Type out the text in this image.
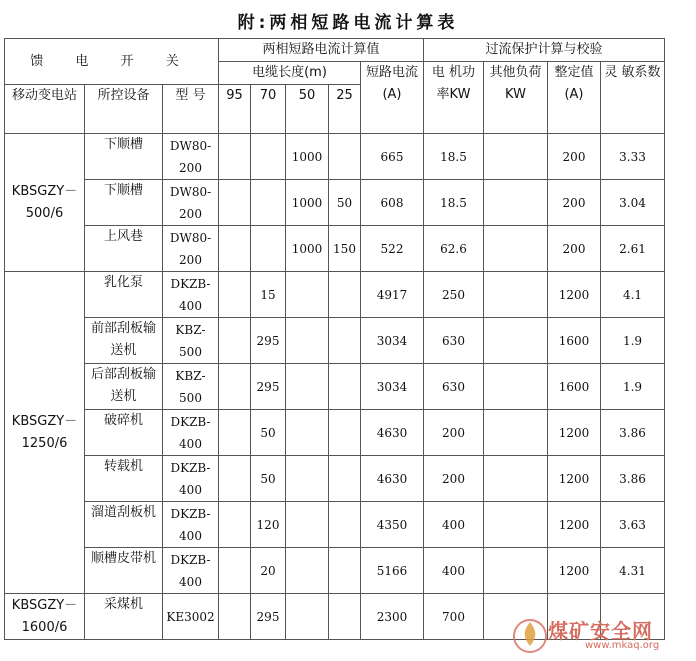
附:两相短路电流计算表
馈 电 开 关			两相短路电流计算值					过流保护计算与校验			
			电缆长度(m)				短路电流(A)	电 机功率KW	其他负荷KW	整定值(A)	灵 敏系数
移动变电站	所控设备	型 号	95	70	50	25					
KBSGZY－500/6	下顺槽	DW80-200			1000		665	18.5		200	3.33
	下顺槽	DW80-200			1000	50	608	18.5		200	3.04
	上风巷	DW80-200			1000	150	522	62.6		200	2.61
KBSGZY－1250/6	乳化泵	DKZB-400		15			4917	250		1200	4.1
	前部刮板输送机	KBZ-500		295			3034	630		1600	1.9
	后部刮板输送机	KBZ-500		295			3034	630		1600	1.9
	破碎机	DKZB-400		50			4630	200		1200	3.86
	转载机	DKZB-400		50			4630	200		1200	3.86
	溜道刮板机	DKZB-400		120			4350	400		1200	3.63
	顺槽皮带机	DKZB-400		20			5166	400		1200	4.31
KBSGZY－1600/6	采煤机	KE3002		295			2300	700			
煤矿安全网
www.mkaq.org
